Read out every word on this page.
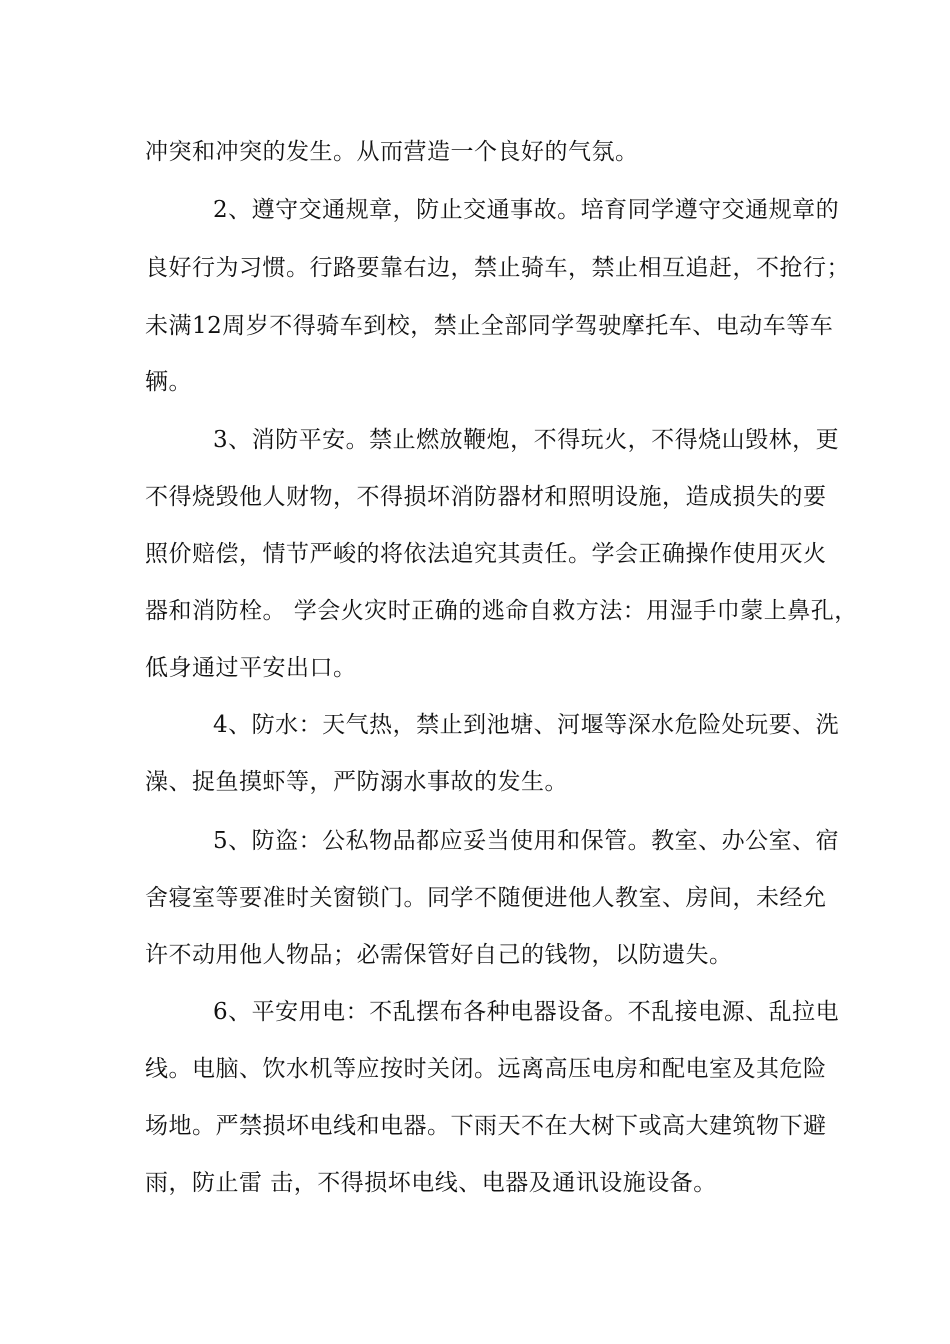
冲突和冲突的发生。从而营造一个良好的气氛。
2、遵守交通规章，防止交通事故。培育同学遵守交通规章的
良好行为习惯。行路要靠右边，禁止骑车，禁止相互追赶，不抢行；
未满12周岁不得骑车到校，禁止全部同学驾驶摩托车、电动车等车
辆。
3、消防平安。禁止燃放鞭炮，不得玩火，不得烧山毁林，更
不得烧毁他人财物，不得损坏消防器材和照明设施，造成损失的要
照价赔偿，情节严峻的将依法追究其责任。学会正确操作使用灭火
器和消防栓。 学会火灾时正确的逃命自救方法：用湿手巾蒙上鼻孔，
低身通过平安出口。
4、防水：天气热，禁止到池塘、河堰等深水危险处玩要、洗
澡、捉鱼摸虾等，严防溺水事故的发生。
5、防盗：公私物品都应妥当使用和保管。教室、办公室、宿
舍寝室等要准时关窗锁门。同学不随便进他人教室、房间，未经允
许不动用他人物品；必需保管好自己的钱物，以防遗失。
6、平安用电：不乱摆布各种电器设备。不乱接电源、乱拉电
线。电脑、饮水机等应按时关闭。远离高压电房和配电室及其危险
场地。严禁损坏电线和电器。下雨天不在大树下或高大建筑物下避
雨，防止雷 击，不得损坏电线、电器及通讯设施设备。
